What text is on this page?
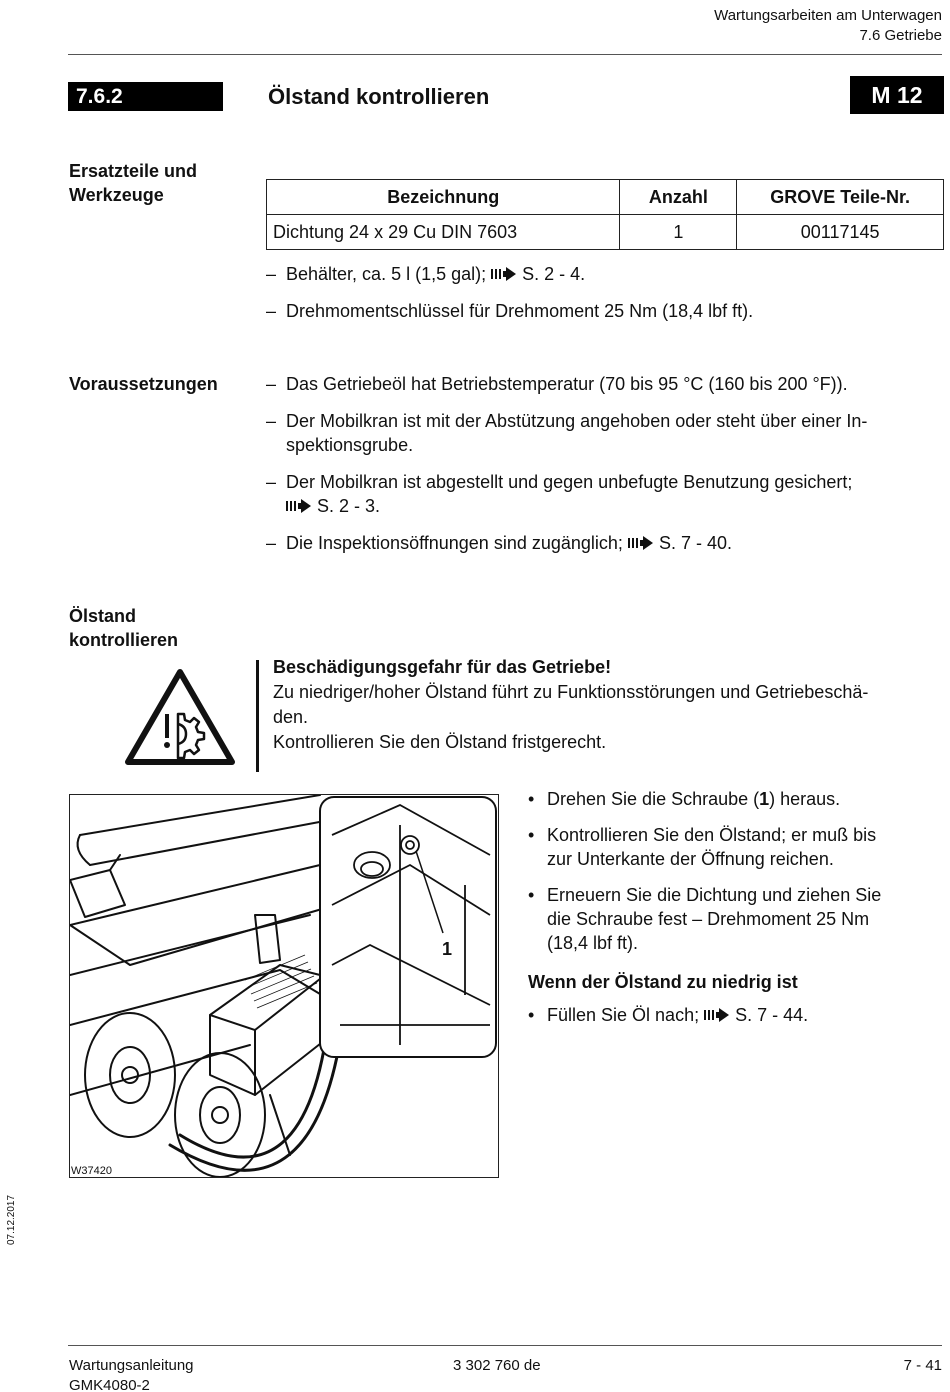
Wartungsarbeiten am Unterwagen
7.6 Getriebe
7.6.2	Ölstand kontrollieren	M 12
Ersatzteile und
Werkzeuge	Bezeichnung	Anzahl	GROVE Teile-Nr.
Dichtung 24 x 29 Cu DIN 7603	1	00117145
– Behälter, ca. 5 l (1,5 gal); S. 2 - 4.
– Drehmomentschlüssel für Drehmoment 25 Nm (18,4 lbf ft).
Voraussetzungen	– Das Getriebeöl hat Betriebstemperatur (70 bis 95 °C (160 bis 200 °F)).
– Der Mobilkran ist mit der Abstützung angehoben oder steht über einer In-
spektionsgrube.
– Der Mobilkran ist abgestellt und gegen unbefugte Benutzung gesichert;
S. 2 - 3.
– Die Inspektionsöffnungen sind zugänglich; S. 7 - 40.
Ölstand
kontrollieren
Beschädigungsgefahr für das Getriebe!
Zu niedriger/hoher Ölstand führt zu Funktionsstörungen und Getriebeschä-
den.
Kontrollieren Sie den Ölstand fristgerecht.
1
W37420
• Drehen Sie die Schraube (1) heraus.
• Kontrollieren Sie den Ölstand; er muß bis
zur Unterkante der Öffnung reichen.
• Erneuern Sie die Dichtung und ziehen Sie
die Schraube fest – Drehmoment 25 Nm
(18,4 lbf ft).
Wenn der Ölstand zu niedrig ist
• Füllen Sie Öl nach; S. 7 - 44.
07.12.2017
Wartungsanleitung
GMK4080-2
3 302 760 de	7 - 41
